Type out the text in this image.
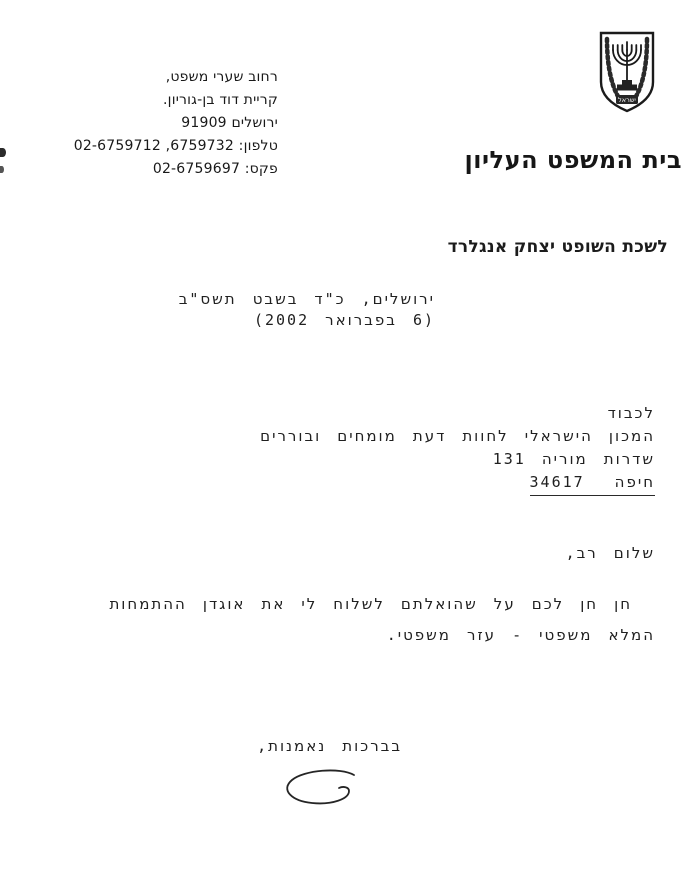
רחוב שערי משפט,
קריית דוד בן-גוריון.
ירושלים 91909
טלפון: 6759732, 02-6759712
פקס: 02-6759697
ישראל
בית המשפט העליון
לשכת השופט יצחק אנגלרד
ירושלים, כ"ד בשבט תשס"ב
(6 בפברואר 2002)
לכבוד
המכון הישראלי לחוות דעת מומחים ובוררים
שדרות מוריה 131
חיפה34617
שלום רב,
חן חן לכם על שהואלתם לשלוח לי את אוגדן ההתמחות
המלא משפטי - עזר משפטי.
בברכות נאמנות,
